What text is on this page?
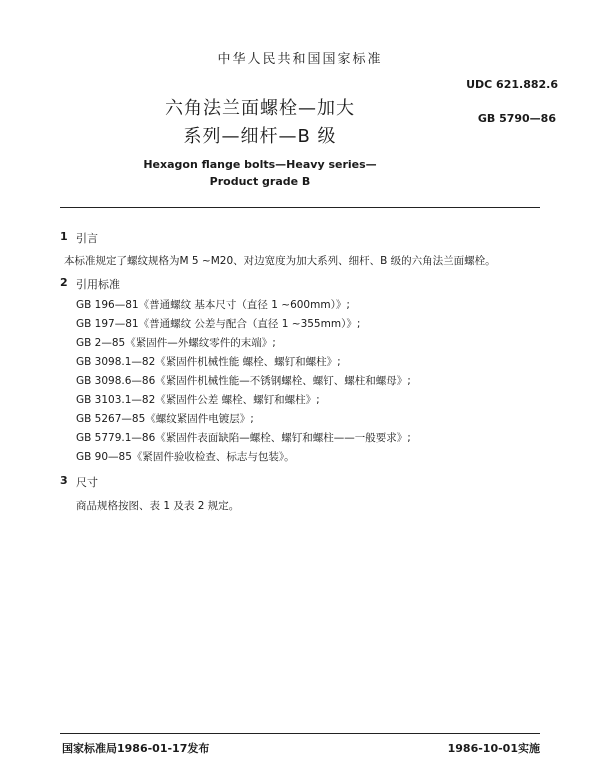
中华人民共和国国家标准
UDC 621.882.6
GB 5790—86
六角法兰面螺栓—加大
系列—细杆—B 级
Hexagon flange bolts—Heavy series—
Product grade B
1 引言
本标准规定了螺纹规格为M 5 ~M20、对边宽度为加大系列、细杆、B 级的六角法兰面螺栓。
2 引用标准
GB 196—81《普通螺纹 基本尺寸（直径 1 ~600mm）》;
GB 197—81《普通螺纹 公差与配合（直径 1 ~355mm）》;
GB 2—85《紧固件—外螺纹零件的末端》;
GB 3098.1—82《紧固件机械性能 螺栓、螺钉和螺柱》;
GB 3098.6—86《紧固件机械性能—不锈钢螺栓、螺钉、螺柱和螺母》;
GB 3103.1—82《紧固件公差 螺栓、螺钉和螺柱》;
GB 5267—85《螺纹紧固件电镀层》;
GB 5779.1—86《紧固件表面缺陷—螺栓、螺钉和螺柱——一般要求》;
GB 90—85《紧固件验收检查、标志与包装》。
3 尺寸
商品规格按图、表 1 及表 2 规定。
国家标准局1986-01-17发布	1986-10-01实施
